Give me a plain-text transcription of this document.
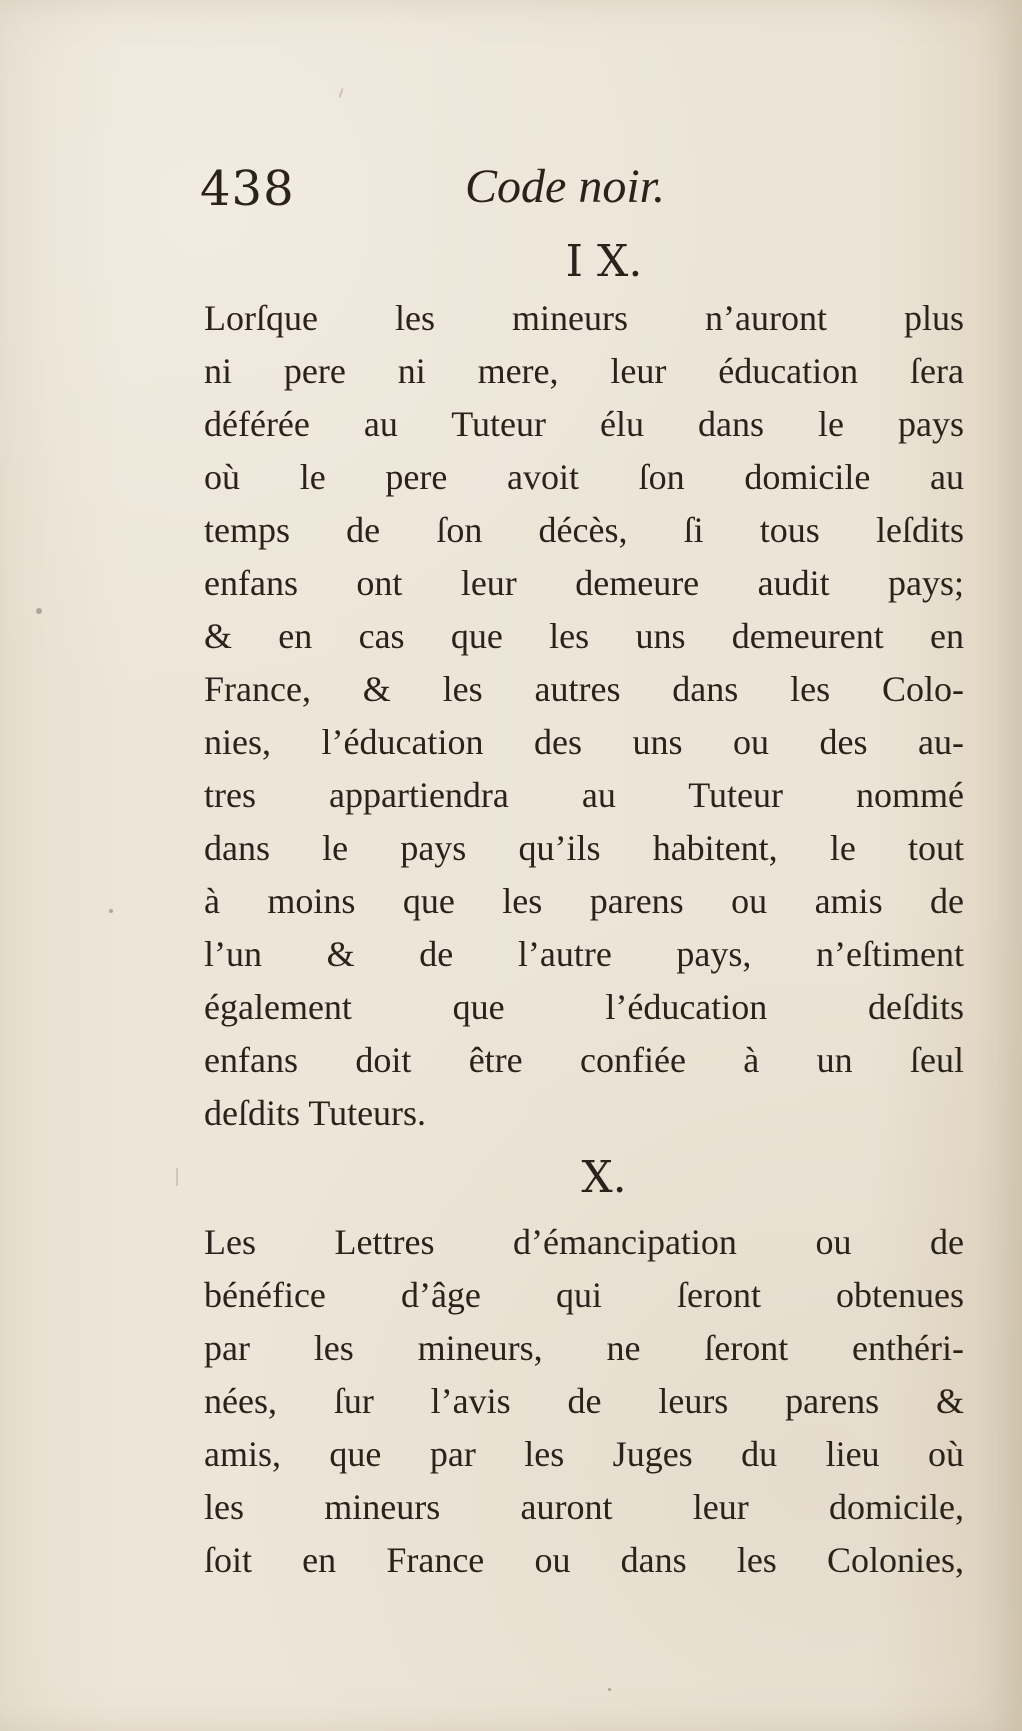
438	Code noir.
I X.
Lorſque les mineurs n’auront plus
ni pere ni mere, leur éducation ſera
déférée au Tuteur élu dans le pays
où le pere avoit ſon domicile au
temps de ſon décès, ſi tous leſdits
enfans ont leur demeure audit pays;
& en cas que les uns demeurent en
France, & les autres dans les Colo-
nies, l’éducation des uns ou des au-
tres appartiendra au Tuteur nommé
dans le pays qu’ils habitent, le tout
à moins que les parens ou amis de
l’un & de l’autre pays, n’eſtiment
également que l’éducation deſdits
enfans doit être confiée à un ſeul
deſdits Tuteurs.
X.
Les Lettres d’émancipation ou de
bénéfice d’âge qui ſeront obtenues
par les mineurs, ne ſeront enthéri-
nées, ſur l’avis de leurs parens &
amis, que par les Juges du lieu où
les mineurs auront leur domicile,
ſoit en France ou dans les Colonies,
